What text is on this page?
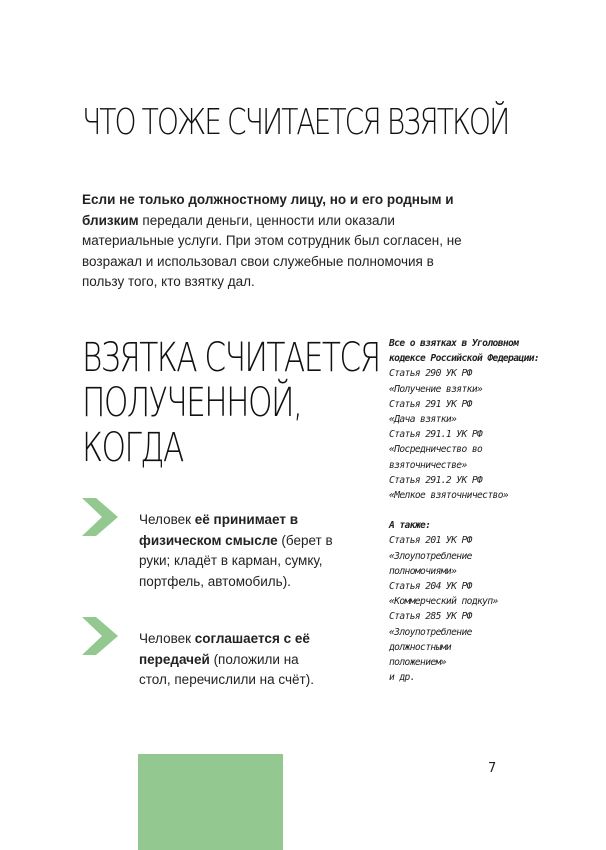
ЧТО ТОЖЕ СЧИТАЕТСЯ ВЗЯТКОЙ
Если не только должностному лицу, но и его родным и близким передали деньги, ценности или оказали материальные услуги. При этом сотрудник был согласен, не возражал и использовал свои служебные полномочия в пользу того, кто взятку дал.
ВЗЯТКА СЧИТАЕТСЯ
ПОЛУЧЕННОЙ,
КОГДА
Все о взятках в Уголовном кодексе Российской Федерации:
Статья 290 УК РФ
«Получение взятки»
Статья 291 УК РФ
«Дача взятки»
Статья 291.1 УК РФ
«Посредничество во взяточничестве»
Статья 291.2 УК РФ
«Мелкое взяточничество»
А также:
Статья 201 УК РФ
«Злоупотребление полномочиями»
Статья 204 УК РФ
«Коммерческий подкуп»
Статья 285 УК РФ
«Злоупотребление должностными положением»
и др.
Человек её принимает в физическом смысле (берет в руки; кладёт в карман, сумку, портфель, автомобиль).
Человек соглашается с её передачей (положили на стол, перечислили на счёт).
7
